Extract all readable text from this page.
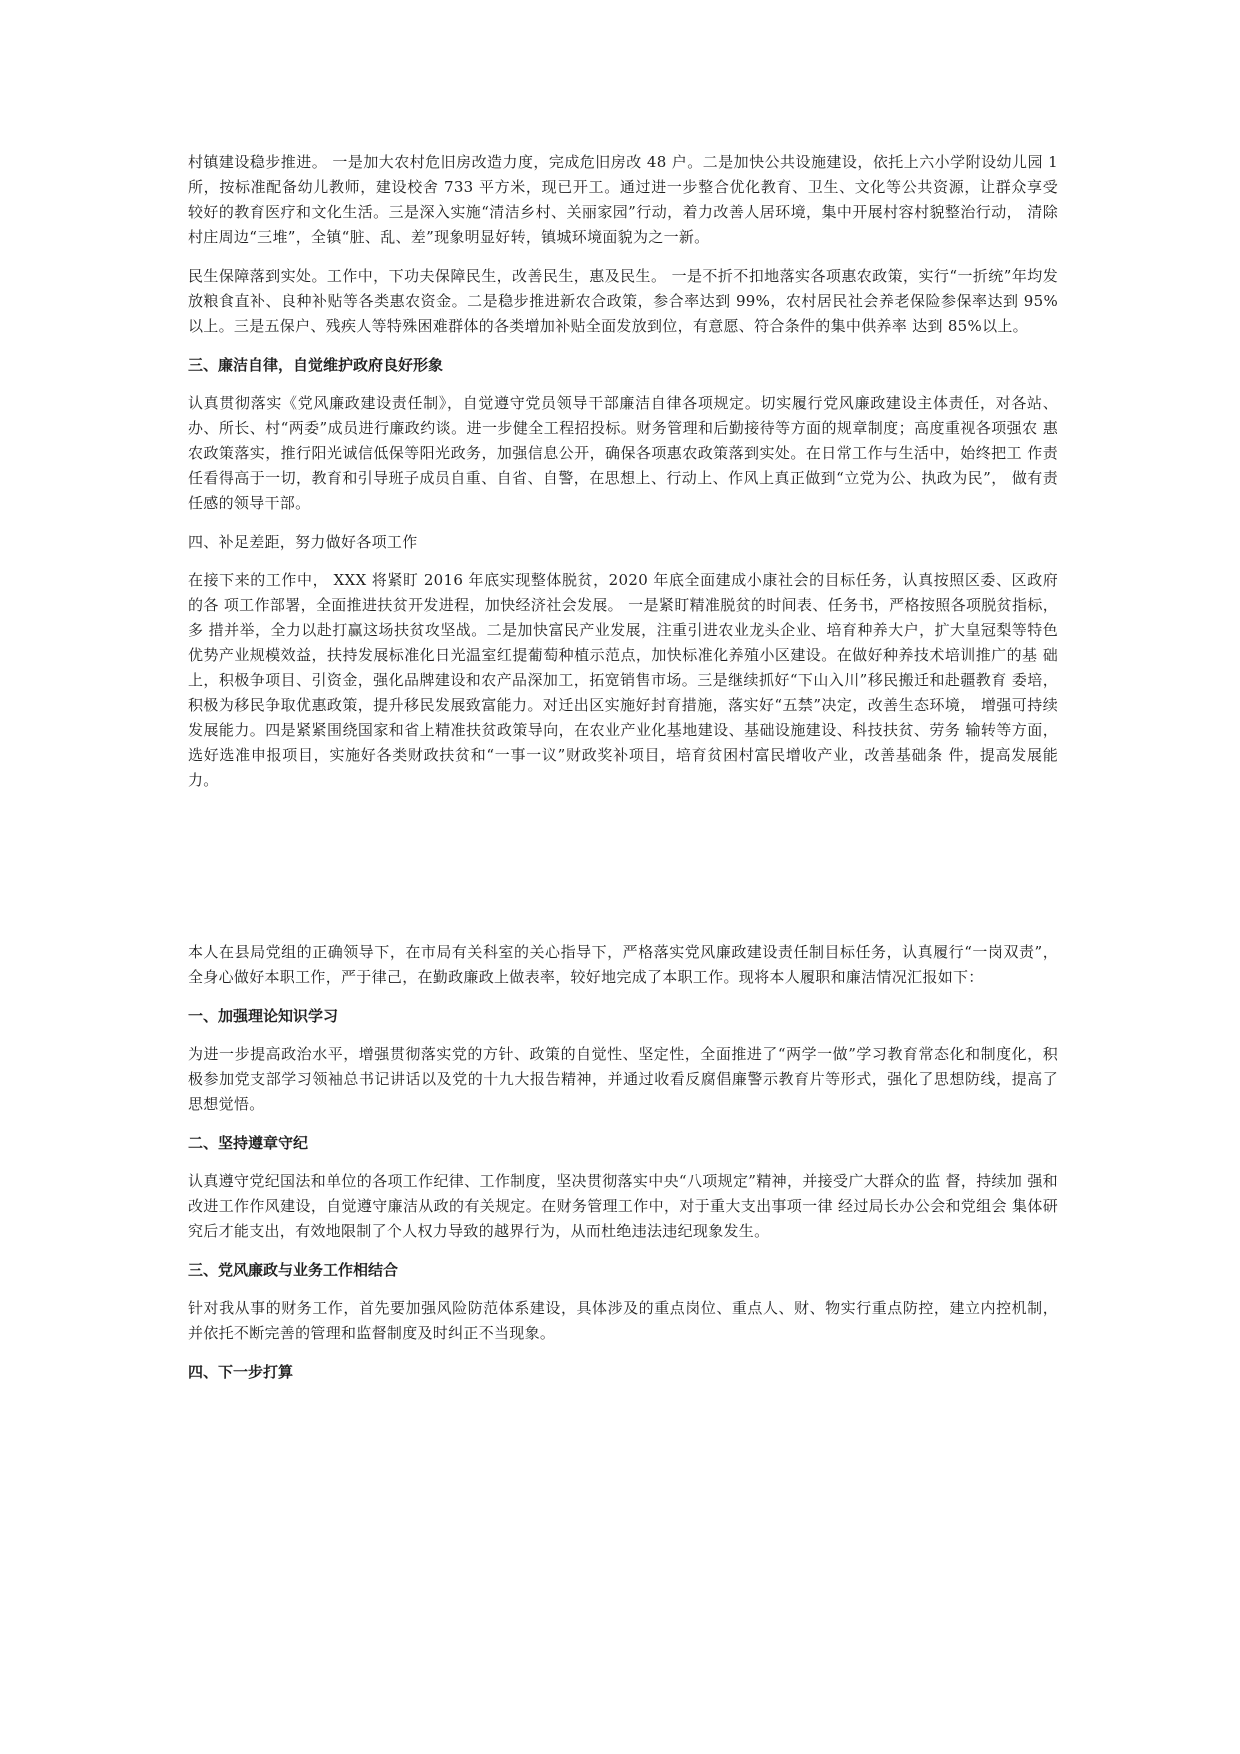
村镇建设稳步推进。 一是加大农村危旧房改造力度，完成危旧房改 48 户。二是加快公共设施建设，依托上六小学附设幼儿园 1 所，按标准配备幼儿教师，建设校舍 733 平方米，现已开工。通过进一步整合优化教育、卫生、文化等公共资源，让群众享受 较好的教育医疗和文化生活。三是深入实施“清洁乡村、关丽家园”行动，着力改善人居环境，集中开展村容村貌整治行动， 清除村庄周边“三堆”，全镇“脏、乱、差”现象明显好转，镇城环境面貌为之一新。

民生保障落到实处。工作中，下功夫保障民生，改善民生，惠及民生。 一是不折不扣地落实各项惠农政策，实行“一折统”年均发放粮食直补、良种补贴等各类惠农资金。二是稳步推进新农合政策，参合率达到 99%，农村居民社会养老保险参保率达到 95%以上。三是五保户、残疾人等特殊困难群体的各类增加补贴全面发放到位，有意愿、符合条件的集中供养率 达到 85%以上。

三、廉洁自律，自觉维护政府良好形象

认真贯彻落实《党风廉政建设责任制》，自觉遵守党员领导干部廉洁自律各项规定。切实履行党风廉政建设主体责任，对各站、 办、所长、村“两委”成员进行廉政约谈。进一步健全工程招投标。财务管理和后勤接待等方面的规章制度；高度重视各项强农 惠农政策落实，推行阳光诚信低保等阳光政务，加强信息公开，确保各项惠农政策落到实处。在日常工作与生活中，始终把工 作责任看得高于一切，教育和引导班子成员自重、自省、自警，在思想上、行动上、作风上真正做到“立党为公、执政为民”， 做有责任感的领导干部。

四、补足差距，努力做好各项工作

在接下来的工作中， XXX 将紧盯 2016 年底实现整体脱贫，2020 年底全面建成小康社会的目标任务，认真按照区委、区政府的各 项工作部署，全面推进扶贫开发进程，加快经济社会发展。 一是紧盯精准脱贫的时间表、任务书，严格按照各项脱贫指标，多 措并举，全力以赴打赢这场扶贫攻坚战。二是加快富民产业发展，注重引进农业龙头企业、培育种养大户，扩大皇冠梨等特色 优势产业规模效益，扶持发展标准化日光温室红提葡萄种植示范点，加快标准化养殖小区建设。在做好种养技术培训推广的基 础上，积极争项目、引资金，强化品牌建设和农产品深加工，拓宽销售市场。三是继续抓好“下山入川”移民搬迁和赴疆教育 委培，积极为移民争取优惠政策，提升移民发展致富能力。对迁出区实施好封育措施，落实好“五禁”决定，改善生态环境， 增强可持续发展能力。四是紧紧围绕国家和省上精准扶贫政策导向，在农业产业化基地建设、基础设施建设、科技扶贫、劳务 输转等方面，选好选准申报项目，实施好各类财政扶贫和“一事一议”财政奖补项目，培育贫困村富民增收产业，改善基础条 件，提高发展能力。

本人在县局党组的正确领导下，在市局有关科室的关心指导下，严格落实党风廉政建设责任制目标任务，认真履行“一岗双责”， 全身心做好本职工作，严于律己，在勤政廉政上做表率，较好地完成了本职工作。现将本人履职和廉洁情况汇报如下：

一、加强理论知识学习

为进一步提高政治水平，增强贯彻落实党的方针、政策的自觉性、坚定性，全面推进了“两学一做”学习教育常态化和制度化，积极参加党支部学习领袖总书记讲话以及党的十九大报告精神，并通过收看反腐倡廉警示教育片等形式，强化了思想防线，提高了思想觉悟。

二、坚持遵章守纪

认真遵守党纪国法和单位的各项工作纪律、工作制度，坚决贯彻落实中央“八项规定”精神，并接受广大群众的监 督，持续加 强和改进工作作风建设，自觉遵守廉洁从政的有关规定。在财务管理工作中，对于重大支出事项一律 经过局长办公会和党组会 集体研究后才能支出，有效地限制了个人权力导致的越界行为，从而杜绝违法违纪现象发生。

三、党风廉政与业务工作相结合

针对我从事的财务工作，首先要加强风险防范体系建设，具体涉及的重点岗位、重点人、财、物实行重点防控，建立内控机制，并依托不断完善的管理和监督制度及时纠正不当现象。

四、下一步打算
